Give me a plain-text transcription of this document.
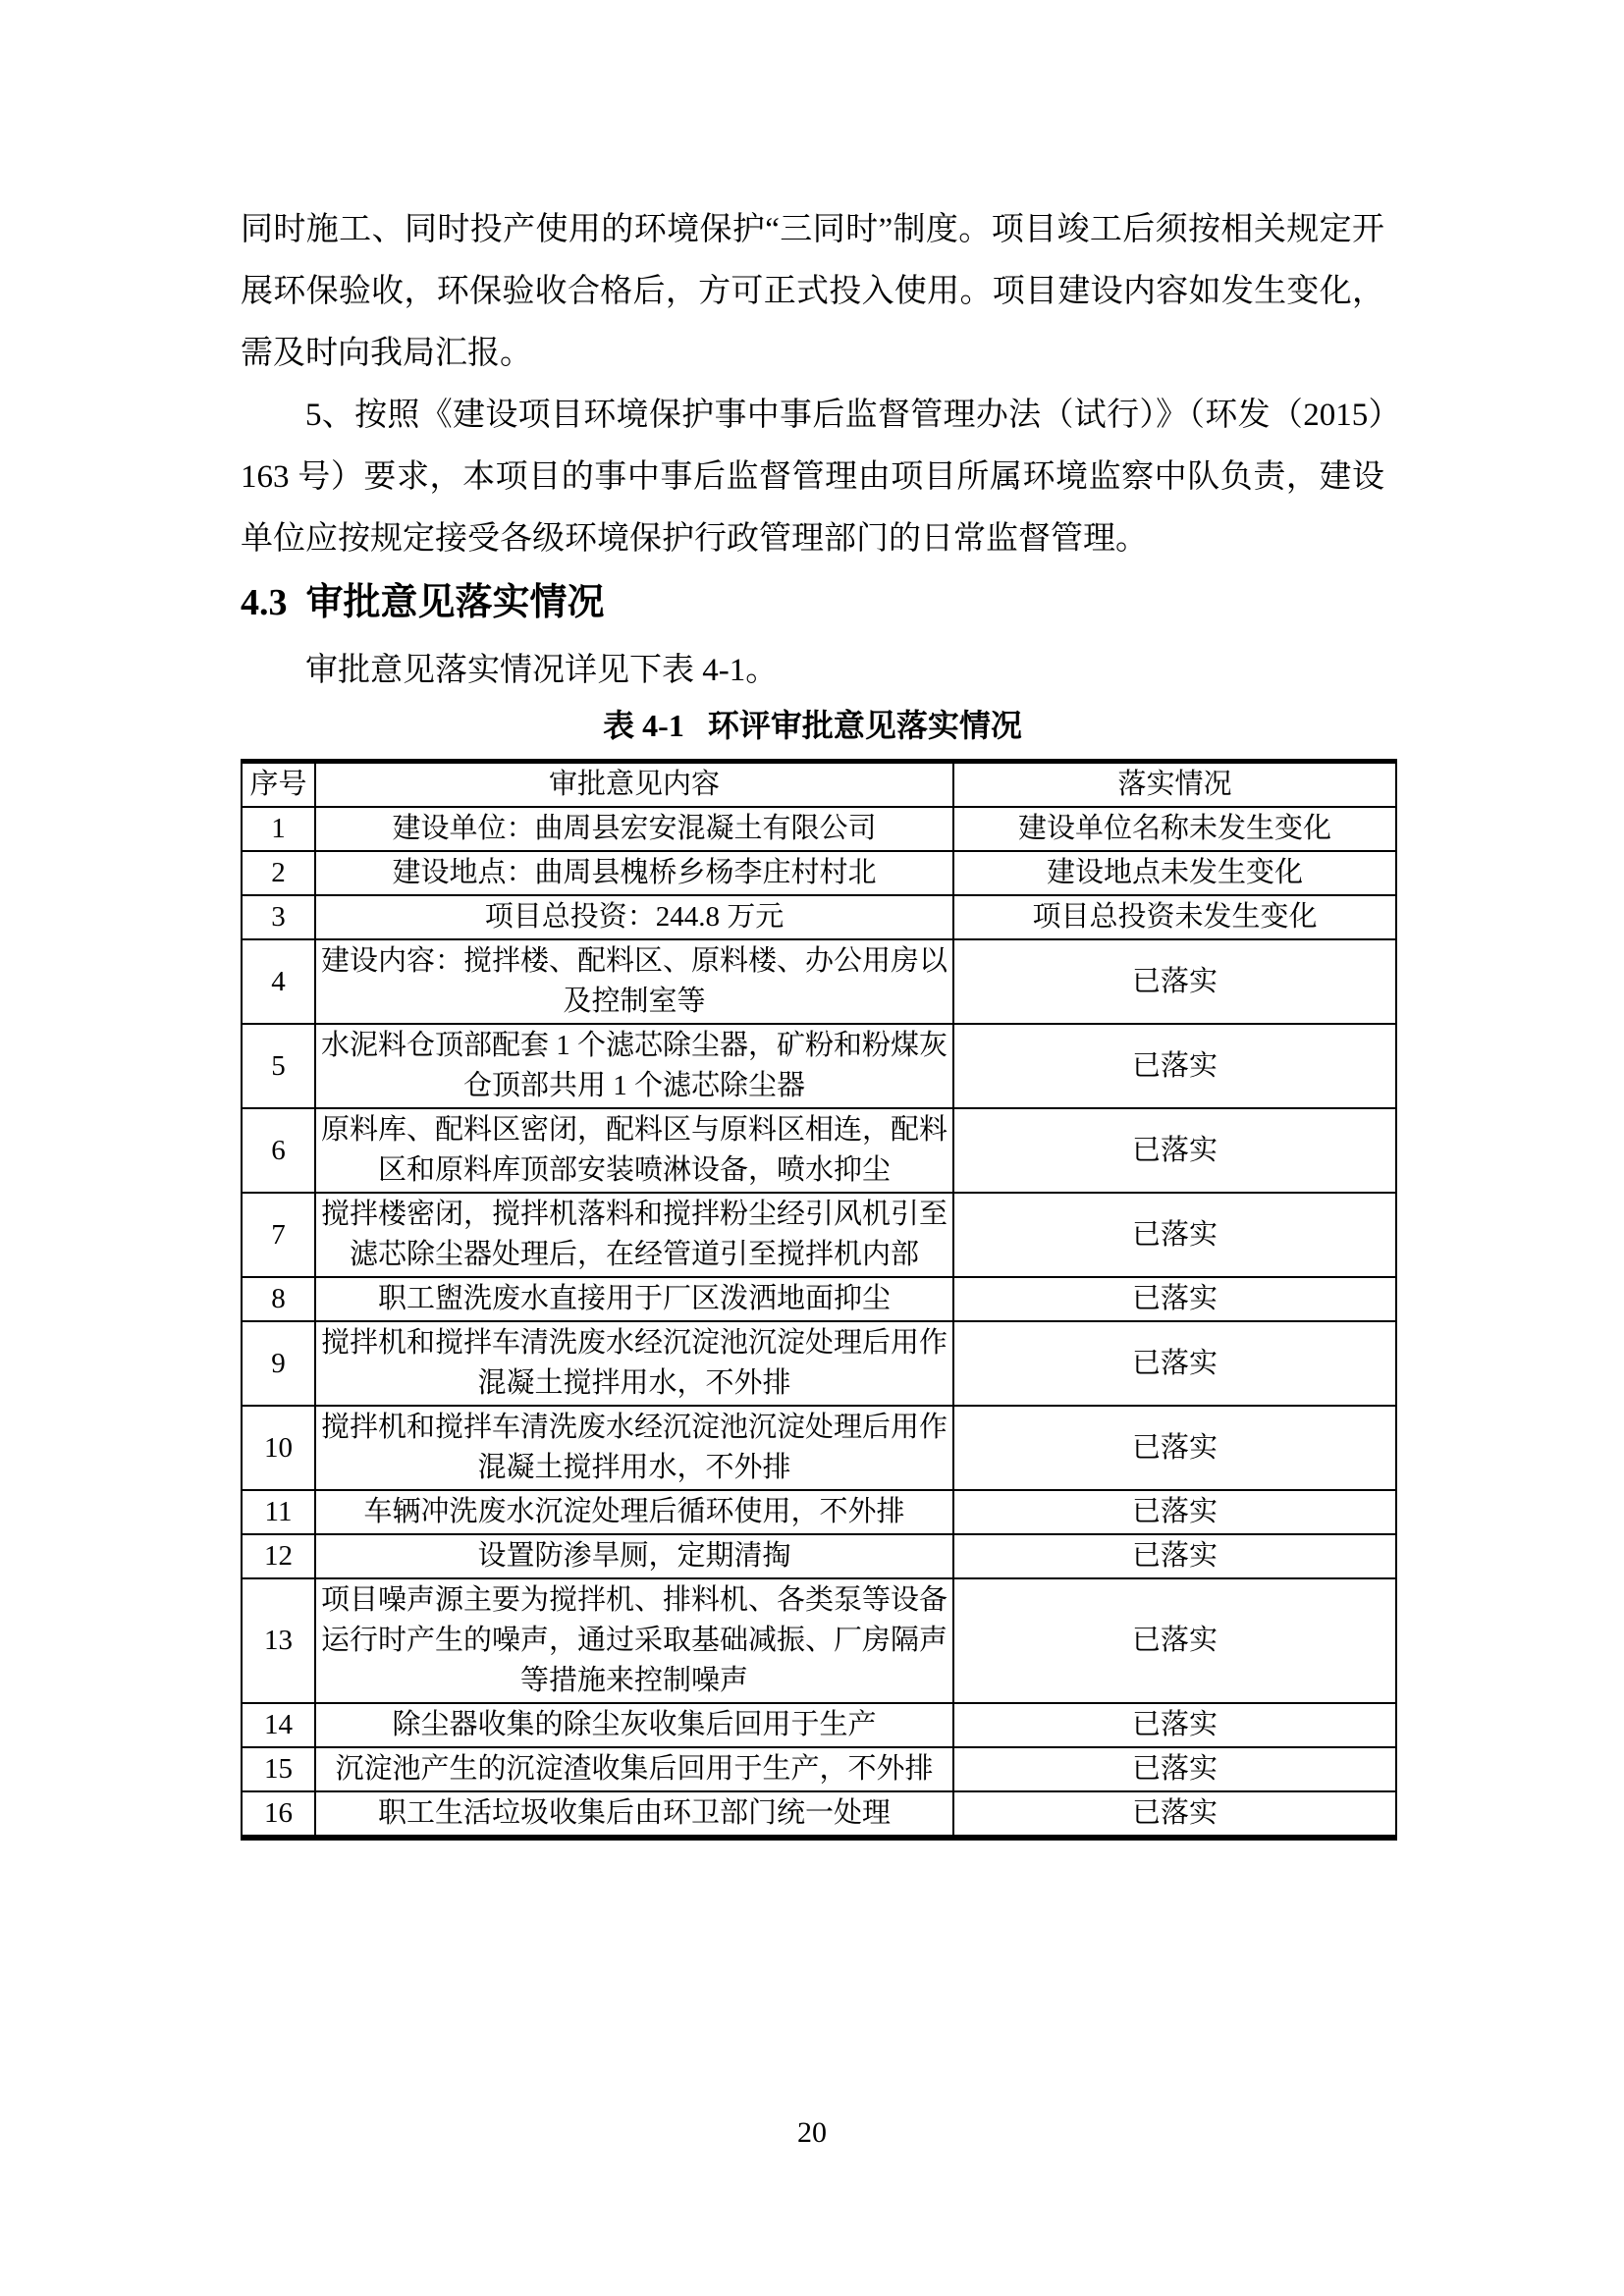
同时施工、同时投产使用的环境保护“三同时”制度。项目竣工后须按相关规定开展环保验收，环保验收合格后，方可正式投入使用。项目建设内容如发生变化，需及时向我局汇报。

5、按照《建设项目环境保护事中事后监督管理办法（试行）》（环发（2015）163 号）要求，本项目的事中事后监督管理由项目所属环境监察中队负责，建设单位应按规定接受各级环境保护行政管理部门的日常监督管理。

4.3  审批意见落实情况

审批意见落实情况详见下表 4-1。

表 4-1   环评审批意见落实情况

序号	审批意见内容	落实情况
1	建设单位：曲周县宏安混凝土有限公司	建设单位名称未发生变化
2	建设地点：曲周县槐桥乡杨李庄村村北	建设地点未发生变化
3	项目总投资：244.8 万元	项目总投资未发生变化
4	建设内容：搅拌楼、配料区、原料楼、办公用房以及控制室等	已落实
5	水泥料仓顶部配套 1 个滤芯除尘器，矿粉和粉煤灰仓顶部共用 1 个滤芯除尘器	已落实
6	原料库、配料区密闭，配料区与原料区相连，配料区和原料库顶部安装喷淋设备，喷水抑尘	已落实
7	搅拌楼密闭，搅拌机落料和搅拌粉尘经引风机引至滤芯除尘器处理后，在经管道引至搅拌机内部	已落实
8	职工盥洗废水直接用于厂区泼洒地面抑尘	已落实
9	搅拌机和搅拌车清洗废水经沉淀池沉淀处理后用作混凝土搅拌用水，不外排	已落实
10	搅拌机和搅拌车清洗废水经沉淀池沉淀处理后用作混凝土搅拌用水，不外排	已落实
11	车辆冲洗废水沉淀处理后循环使用，不外排	已落实
12	设置防渗旱厕，定期清掏	已落实
13	项目噪声源主要为搅拌机、排料机、各类泵等设备运行时产生的噪声，通过采取基础减振、厂房隔声等措施来控制噪声	已落实
14	除尘器收集的除尘灰收集后回用于生产	已落实
15	沉淀池产生的沉淀渣收集后回用于生产，不外排	已落实
16	职工生活垃圾收集后由环卫部门统一处理	已落实
20
